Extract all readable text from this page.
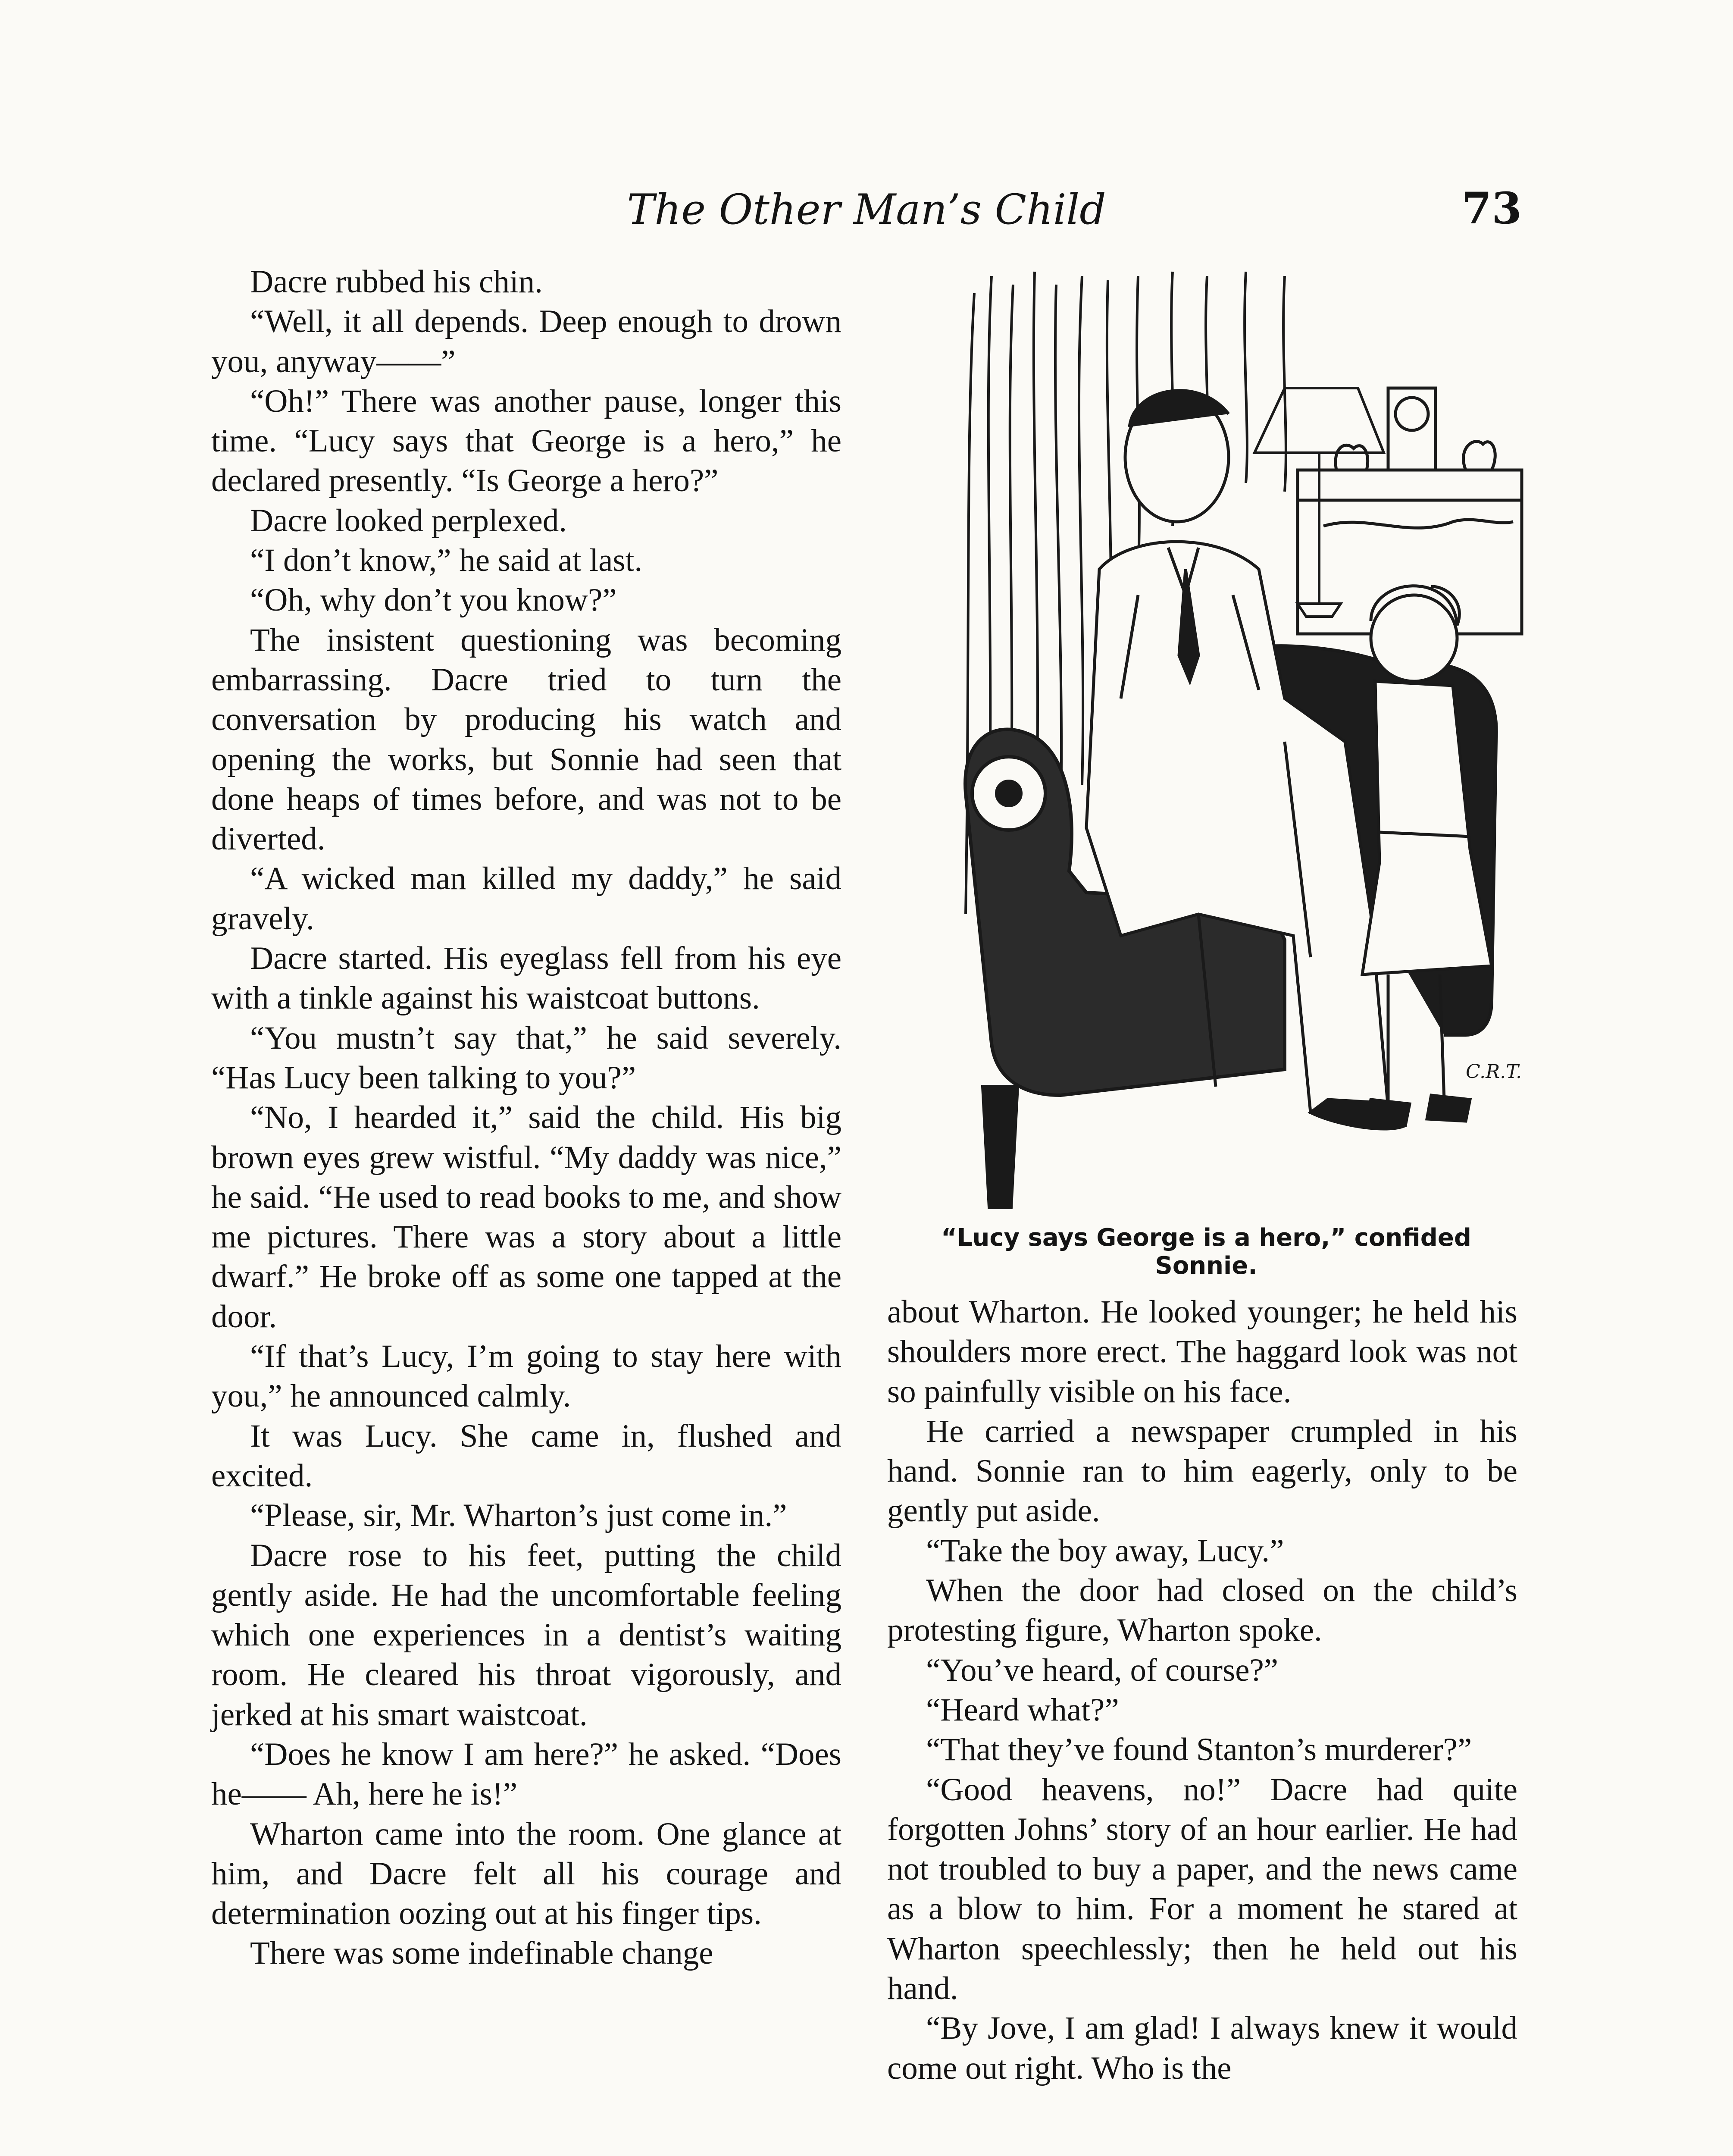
The Other Man’s Child	73

Dacre rubbed his chin.

“Well, it all depends. Deep enough to drown you, anyway——”

“Oh!” There was another pause, longer this time. “Lucy says that George is a hero,” he declared presently. “Is George a hero?”

Dacre looked perplexed.

“I don’t know,” he said at last.

“Oh, why don’t you know?”

The insistent questioning was becoming embarrassing. Dacre tried to turn the conversation by producing his watch and opening the works, but Sonnie had seen that done heaps of times before, and was not to be diverted.

“A wicked man killed my daddy,” he said gravely.

Dacre started. His eyeglass fell from his eye with a tinkle against his waistcoat buttons.

“You mustn’t say that,” he said severely. “Has Lucy been talking to you?”

“No, I hearded it,” said the child. His big brown eyes grew wistful. “My daddy was nice,” he said. “He used to read books to me, and show me pictures. There was a story about a little dwarf.” He broke off as some one tapped at the door.

“If that’s Lucy, I’m going to stay here with you,” he announced calmly.

It was Lucy. She came in, flushed and excited.

“Please, sir, Mr. Wharton’s just come in.”

Dacre rose to his feet, putting the child gently aside. He had the uncomfortable feeling which one experiences in a dentist’s waiting room. He cleared his throat vigorously, and jerked at his smart waistcoat.

“Does he know I am here?” he asked. “Does he—— Ah, here he is!”

Wharton came into the room. One glance at him, and Dacre felt all his courage and determination oozing out at his finger tips.

There was some indefinable change

C.R.T.
“Lucy says George is a hero,” confided Sonnie.

about Wharton. He looked younger; he held his shoulders more erect. The haggard look was not so painfully visible on his face.

He carried a newspaper crumpled in his hand. Sonnie ran to him eagerly, only to be gently put aside.

“Take the boy away, Lucy.”

When the door had closed on the child’s protesting figure, Wharton spoke.

“You’ve heard, of course?”

“Heard what?”

“That they’ve found Stanton’s murderer?”

“Good heavens, no!” Dacre had quite forgotten Johns’ story of an hour earlier. He had not troubled to buy a paper, and the news came as a blow to him. For a moment he stared at Wharton speechlessly; then he held out his hand.

“By Jove, I am glad! I always knew it would come out right. Who is the
